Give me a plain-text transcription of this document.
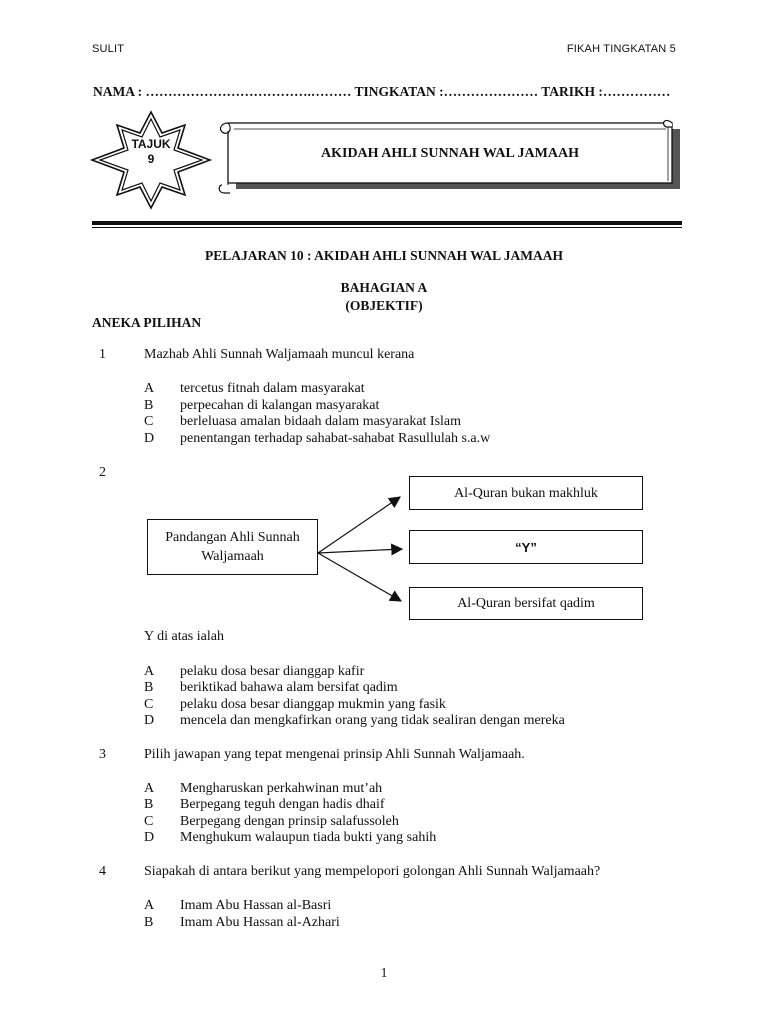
SULIT	FIKAH TINGKATAN 5
NAMA : ……………………………….……… TINGKATAN :………………… TARIKH :……………
TAJUK
9	AKIDAH AHLI SUNNAH WAL JAMAAH
PELAJARAN 10 : AKIDAH AHLI SUNNAH WAL JAMAAH
BAHAGIAN A
(OBJEKTIF)
ANEKA PILIHAN
1	Mazhab Ahli Sunnah Waljamaah muncul kerana
A tercetus fitnah dalam masyarakat
B perpecahan di kalangan masyarakat
C berleluasa amalan bidaah dalam masyarakat Islam
D penentangan terhadap sahabat-sahabat Rasullulah s.a.w
2
Pandangan Ahli Sunnah
Waljamaah
Al-Quran bukan makhluk
“Y”
Al-Quran bersifat qadim
Y di atas ialah
A pelaku dosa besar dianggap kafir
B beriktikad bahawa alam bersifat qadim
C pelaku dosa besar dianggap mukmin yang fasik
D mencela dan mengkafirkan orang yang tidak sealiran dengan mereka
3	Pilih jawapan yang tepat mengenai prinsip Ahli Sunnah Waljamaah.
A Mengharuskan perkahwinan mut’ah
B Berpegang teguh dengan hadis dhaif
C Berpegang dengan prinsip salafussoleh
D Menghukum walaupun tiada bukti yang sahih
4	Siapakah di antara berikut yang mempelopori golongan Ahli Sunnah Waljamaah?
A Imam Abu Hassan al-Basri
B Imam Abu Hassan al-Azhari
1
